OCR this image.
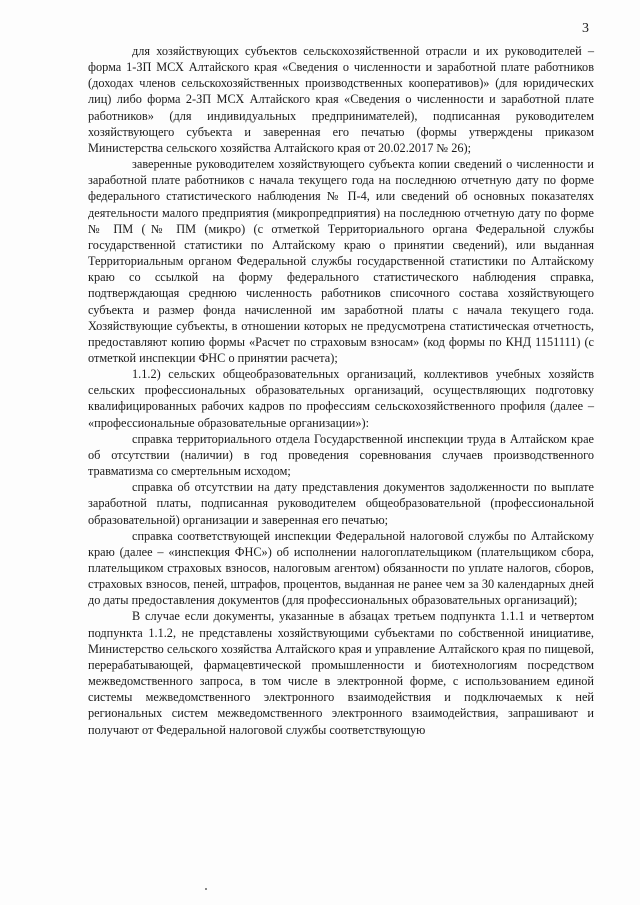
3

для хозяйствующих субъектов сельскохозяйственной отрасли и их руководителей – форма 1-ЗП МСХ Алтайского края «Сведения о численности и заработной плате работников (доходах членов сельскохозяйственных производственных кооперативов)» (для юридических лиц) либо форма 2-ЗП МСХ Алтайского края «Сведения о численности и заработной плате работников» (для индивидуальных предпринимателей), подписанная руководителем хозяйствующего субъекта и заверенная его печатью (формы утверждены приказом Министерства сельского хозяйства Алтайского края от 20.02.2017 № 26);

заверенные руководителем хозяйствующего субъекта копии сведений о численности и заработной плате работников с начала текущего года на последнюю отчетную дату по форме федерального статистического наблюдения № П-4, или сведений об основных показателях деятельности малого предприятия (микропредприятия) на последнюю отчетную дату по форме № ПМ (№ ПМ (микро) (с отметкой Территориального органа Федеральной службы государственной статистики по Алтайскому краю о принятии сведений), или выданная Территориальным органом Федеральной службы государственной статистики по Алтайскому краю со ссылкой на форму федерального статистического наблюдения справка, подтверждающая среднюю численность работников списочного состава хозяйствующего субъекта и размер фонда начисленной им заработной платы с начала текущего года. Хозяйствующие субъекты, в отношении которых не предусмотрена статистическая отчетность, предоставляют копию формы «Расчет по страховым взносам» (код формы по КНД 1151111) (с отметкой инспекции ФНС о принятии расчета);

1.1.2) сельских общеобразовательных организаций, коллективов учебных хозяйств сельских профессиональных образовательных организаций, осуществляющих подготовку квалифицированных рабочих кадров по профессиям сельскохозяйственного профиля (далее – «профессиональные образовательные организации»):

справка территориального отдела Государственной инспекции труда в Алтайском крае об отсутствии (наличии) в год проведения соревнования случаев производственного травматизма со смертельным исходом;

справка об отсутствии на дату представления документов задолженности по выплате заработной платы, подписанная руководителем общеобразовательной (профессиональной образовательной) организации и заверенная его печатью;

справка соответствующей инспекции Федеральной налоговой службы по Алтайскому краю (далее – «инспекция ФНС») об исполнении налогоплательщиком (плательщиком сбора, плательщиком страховых взносов, налоговым агентом) обязанности по уплате налогов, сборов, страховых взносов, пеней, штрафов, процентов, выданная не ранее чем за 30 календарных дней до даты предоставления документов (для профессиональных образовательных организаций);

В случае если документы, указанные в абзацах третьем подпункта 1.1.1 и четвертом подпункта 1.1.2, не представлены хозяйствующими субъектами по собственной инициативе, Министерство сельского хозяйства Алтайского края и управление Алтайского края по пищевой, перерабатывающей, фармацевтической промышленности и биотехнологиям посредством межведомственного запроса, в том числе в электронной форме, с использованием единой системы межведомственного электронного взаимодействия и подключаемых к ней региональных систем межведомственного электронного взаимодействия, запрашивают и получают от Федеральной налоговой службы соответствующую
